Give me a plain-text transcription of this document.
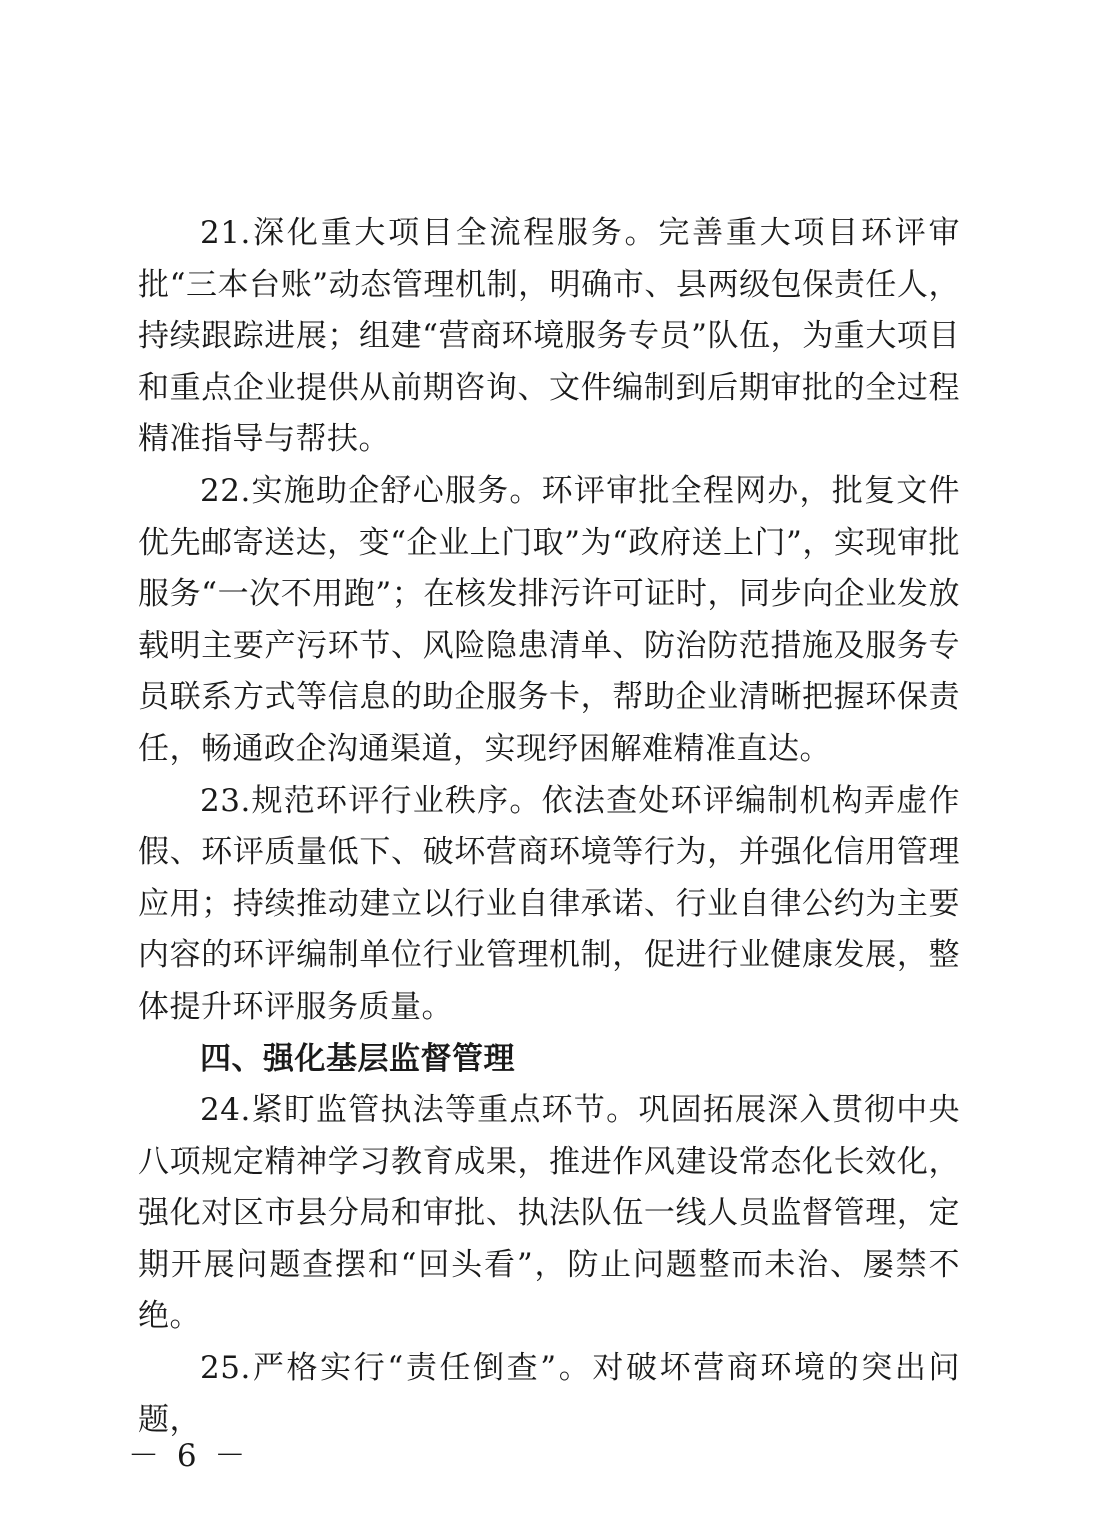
21.深化重大项目全流程服务。完善重大项目环评审批“三本台账”动态管理机制，明确市、县两级包保责任人，持续跟踪进展；组建“营商环境服务专员”队伍，为重大项目和重点企业提供从前期咨询、文件编制到后期审批的全过程精准指导与帮扶。

22.实施助企舒心服务。环评审批全程网办，批复文件优先邮寄送达，变“企业上门取”为“政府送上门”，实现审批服务“一次不用跑”；在核发排污许可证时，同步向企业发放载明主要产污环节、风险隐患清单、防治防范措施及服务专员联系方式等信息的助企服务卡，帮助企业清晰把握环保责任，畅通政企沟通渠道，实现纾困解难精准直达。

23.规范环评行业秩序。依法查处环评编制机构弄虚作假、环评质量低下、破坏营商环境等行为，并强化信用管理应用；持续推动建立以行业自律承诺、行业自律公约为主要内容的环评编制单位行业管理机制，促进行业健康发展，整体提升环评服务质量。

四、强化基层监督管理

24.紧盯监管执法等重点环节。巩固拓展深入贯彻中央八项规定精神学习教育成果，推进作风建设常态化长效化，强化对区市县分局和审批、执法队伍一线人员监督管理，定期开展问题查摆和“回头看”，防止问题整而未治、屡禁不绝。

25.严格实行“责任倒查”。对破坏营商环境的突出问题，

－ 6 －
